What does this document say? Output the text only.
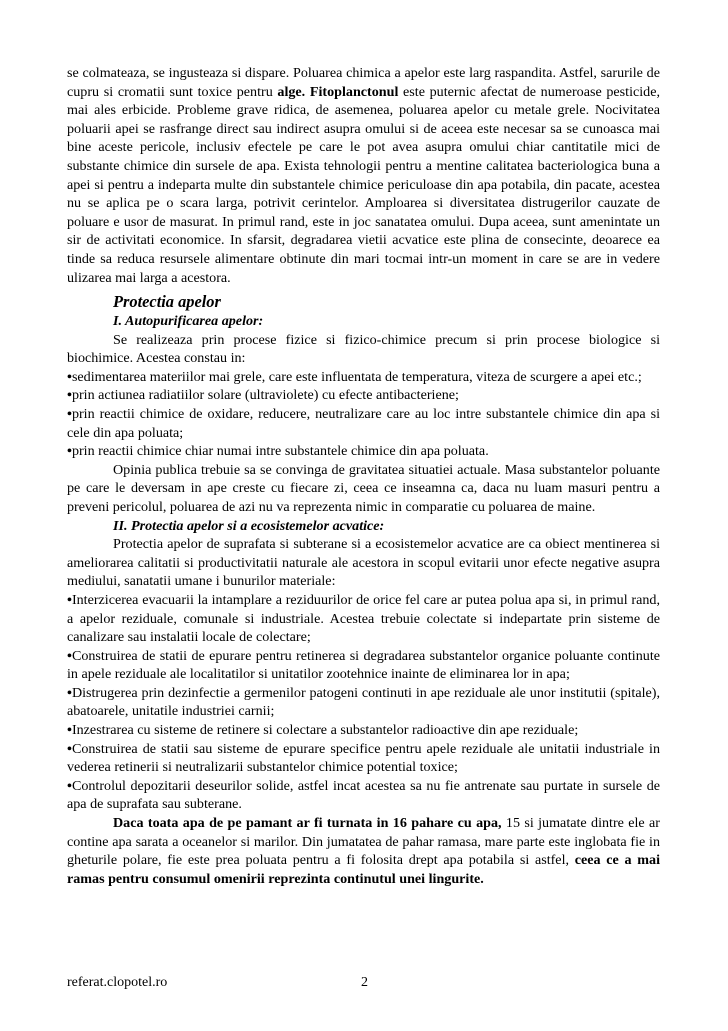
se colmateaza, se ingusteaza si dispare. Poluarea chimica a apelor este larg raspandita. Astfel, sarurile de cupru si cromatii sunt toxice pentru alge. Fitoplanctonul este puternic afectat de numeroase pesticide, mai ales erbicide. Probleme grave ridica, de asemenea, poluarea apelor cu metale grele. Nocivitatea poluarii apei se rasfrange direct sau indirect asupra omului si de aceea este necesar sa se cunoasca mai bine aceste pericole, inclusiv efectele pe care le pot avea asupra omului chiar cantitatile mici de substante chimice din sursele de apa. Exista tehnologii pentru a mentine calitatea bacteriologica buna a apei si pentru a indeparta multe din substantele chimice periculoase din apa potabila, din pacate, acestea nu se aplica pe o scara larga, potrivit cerintelor. Amploarea si diversitatea distrugerilor cauzate de poluare e usor de masurat. In primul rand, este in joc sanatatea omului. Dupa aceea, sunt amenintate un sir de activitati economice. In sfarsit, degradarea vietii acvatice este plina de consecinte, deoarece ea tinde sa reduca resursele alimentare obtinute din mari tocmai intr-un moment in care se are in vedere ulizarea mai larga a acestora.

Protectia apelor
I. Autopurificarea apelor:

Se realizeaza prin procese fizice si fizico-chimice precum si prin procese biologice si biochimice. Acestea constau in:

•sedimentarea materiilor mai grele, care este influentata de temperatura, viteza de scurgere a apei etc.;

•prin actiunea radiatiilor solare (ultraviolete) cu efecte antibacteriene;

•prin reactii chimice de oxidare, reducere, neutralizare care au loc intre substantele chimice din apa si cele din apa poluata;

•prin reactii chimice chiar numai intre substantele chimice din apa poluata.

Opinia publica trebuie sa se convinga de gravitatea situatiei actuale. Masa substantelor poluante pe care le deversam in ape creste cu fiecare zi, ceea ce inseamna ca, daca nu luam masuri pentru a preveni pericolul, poluarea de azi nu va reprezenta nimic in comparatie cu poluarea de maine.

II. Protectia apelor si a ecosistemelor acvatice:

Protectia apelor de suprafata si subterane si a ecosistemelor acvatice are ca obiect mentinerea si ameliorarea calitatii si productivitatii naturale ale acestora in scopul evitarii unor efecte negative asupra mediului, sanatatii umane i bunurilor materiale:

•Interzicerea evacuarii la intamplare a reziduurilor de orice fel care ar putea polua apa si, in primul rand, a apelor reziduale, comunale si industriale. Acestea trebuie colectate si indepartate prin sisteme de canalizare sau instalatii locale de colectare;

•Construirea de statii de epurare pentru retinerea si degradarea substantelor organice poluante continute in apele reziduale ale localitatilor si unitatilor zootehnice inainte de eliminarea lor in apa;

•Distrugerea prin dezinfectie a germenilor patogeni continuti in ape reziduale ale unor institutii (spitale), abatoarele, unitatile industriei carnii;

•Inzestrarea cu sisteme de retinere si colectare a substantelor radioactive din ape reziduale;

•Construirea de statii sau sisteme de epurare specifice pentru apele reziduale ale unitatii industriale in vederea retinerii si neutralizarii substantelor chimice potential toxice;

•Controlul depozitarii deseurilor solide, astfel incat acestea sa nu fie antrenate sau purtate in sursele de apa de suprafata sau subterane.

Daca toata apa de pe pamant ar fi turnata in 16 pahare cu apa, 15 si jumatate dintre ele ar contine apa sarata a oceanelor si marilor. Din jumatatea de pahar ramasa, mare parte este inglobata fie in gheturile polare, fie este prea poluata pentru a fi folosita drept apa potabila si astfel, ceea ce a mai ramas pentru consumul omenirii reprezinta continutul unei lingurite.

referat.clopotel.ro	2
